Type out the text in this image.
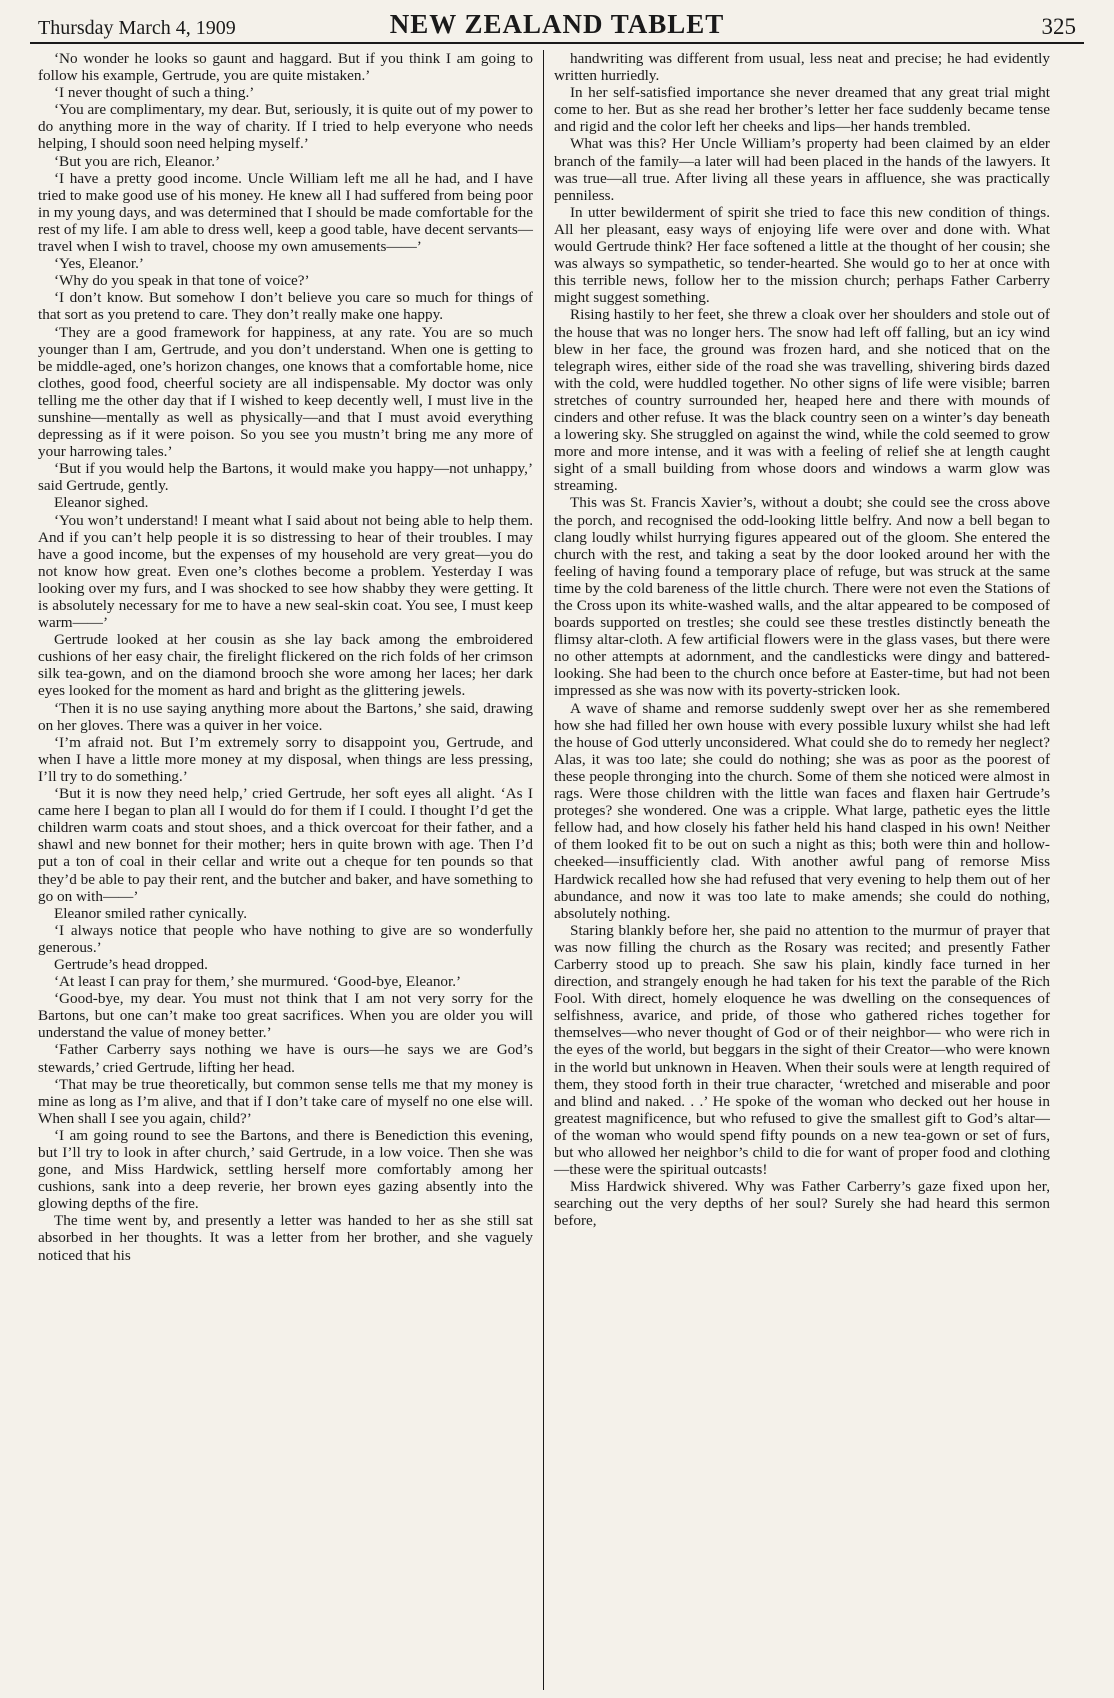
Thursday March 4, 1909	NEW ZEALAND TABLET	325

‘No wonder he looks so gaunt and haggard. But if you think I am going to follow his example, Gertrude, you are quite mistaken.’

‘I never thought of such a thing.’

‘You are complimentary, my dear. But, seriously, it is quite out of my power to do anything more in the way of charity. If I tried to help everyone who needs helping, I should soon need helping myself.’

‘But you are rich, Eleanor.’

‘I have a pretty good income. Uncle William left me all he had, and I have tried to make good use of his money. He knew all I had suffered from being poor in my young days, and was determined that I should be made comfortable for the rest of my life. I am able to dress well, keep a good table, have decent servants—travel when I wish to travel, choose my own amusements——’

‘Yes, Eleanor.’

‘Why do you speak in that tone of voice?’

‘I don’t know. But somehow I don’t believe you care so much for things of that sort as you pretend to care. They don’t really make one happy.

‘They are a good framework for happiness, at any rate. You are so much younger than I am, Gertrude, and you don’t understand. When one is getting to be middle-aged, one’s horizon changes, one knows that a comfortable home, nice clothes, good food, cheerful society are all indispensable. My doctor was only telling me the other day that if I wished to keep decently well, I must live in the sunshine—mentally as well as physically—and that I must avoid everything depressing as if it were poison. So you see you mustn’t bring me any more of your harrowing tales.’

‘But if you would help the Bartons, it would make you happy—not unhappy,’ said Gertrude, gently.

Eleanor sighed.

‘You won’t understand! I meant what I said about not being able to help them. And if you can’t help people it is so distressing to hear of their troubles. I may have a good income, but the expenses of my household are very great—you do not know how great. Even one’s clothes become a problem. Yesterday I was looking over my furs, and I was shocked to see how shabby they were getting. It is absolutely necessary for me to have a new seal-skin coat. You see, I must keep warm——’

Gertrude looked at her cousin as she lay back among the embroidered cushions of her easy chair, the firelight flickered on the rich folds of her crimson silk tea-gown, and on the diamond brooch she wore among her laces; her dark eyes looked for the moment as hard and bright as the glittering jewels.

‘Then it is no use saying anything more about the Bartons,’ she said, drawing on her gloves. There was a quiver in her voice.

‘I’m afraid not. But I’m extremely sorry to disappoint you, Gertrude, and when I have a little more money at my disposal, when things are less pressing, I’ll try to do something.’

‘But it is now they need help,’ cried Gertrude, her soft eyes all alight. ‘As I came here I began to plan all I would do for them if I could. I thought I’d get the children warm coats and stout shoes, and a thick overcoat for their father, and a shawl and new bonnet for their mother; hers in quite brown with age. Then I’d put a ton of coal in their cellar and write out a cheque for ten pounds so that they’d be able to pay their rent, and the butcher and baker, and have something to go on with——’

Eleanor smiled rather cynically.

‘I always notice that people who have nothing to give are so wonderfully generous.’

Gertrude’s head dropped.

‘At least I can pray for them,’ she murmured. ‘Good-bye, Eleanor.’

‘Good-bye, my dear. You must not think that I am not very sorry for the Bartons, but one can’t make too great sacrifices. When you are older you will understand the value of money better.’

‘Father Carberry says nothing we have is ours—he says we are God’s stewards,’ cried Gertrude, lifting her head.

‘That may be true theoretically, but common sense tells me that my money is mine as long as I’m alive, and that if I don’t take care of myself no one else will. When shall I see you again, child?’

‘I am going round to see the Bartons, and there is Benediction this evening, but I’ll try to look in after church,’ said Gertrude, in a low voice. Then she was gone, and Miss Hardwick, settling herself more comfortably among her cushions, sank into a deep reverie, her brown eyes gazing absently into the glowing depths of the fire.

The time went by, and presently a letter was handed to her as she still sat absorbed in her thoughts. It was a letter from her brother, and she vaguely noticed that his

handwriting was different from usual, less neat and precise; he had evidently written hurriedly.

In her self-satisfied importance she never dreamed that any great trial might come to her. But as she read her brother’s letter her face suddenly became tense and rigid and the color left her cheeks and lips—her hands trembled.

What was this? Her Uncle William’s property had been claimed by an elder branch of the family—a later will had been placed in the hands of the lawyers. It was true—all true. After living all these years in affluence, she was practically penniless.

In utter bewilderment of spirit she tried to face this new condition of things. All her pleasant, easy ways of enjoying life were over and done with. What would Gertrude think? Her face softened a little at the thought of her cousin; she was always so sympathetic, so tender-hearted. She would go to her at once with this terrible news, follow her to the mission church; perhaps Father Carberry might suggest something.

Rising hastily to her feet, she threw a cloak over her shoulders and stole out of the house that was no longer hers. The snow had left off falling, but an icy wind blew in her face, the ground was frozen hard, and she noticed that on the telegraph wires, either side of the road she was travelling, shivering birds dazed with the cold, were huddled together. No other signs of life were visible; barren stretches of country surrounded her, heaped here and there with mounds of cinders and other refuse. It was the black country seen on a winter’s day beneath a lowering sky. She struggled on against the wind, while the cold seemed to grow more and more intense, and it was with a feeling of relief she at length caught sight of a small building from whose doors and windows a warm glow was streaming.

This was St. Francis Xavier’s, without a doubt; she could see the cross above the porch, and recognised the odd-looking little belfry. And now a bell began to clang loudly whilst hurrying figures appeared out of the gloom. She entered the church with the rest, and taking a seat by the door looked around her with the feeling of having found a temporary place of refuge, but was struck at the same time by the cold bareness of the little church. There were not even the Stations of the Cross upon its white-washed walls, and the altar appeared to be composed of boards supported on trestles; she could see these trestles distinctly beneath the flimsy altar-cloth. A few artificial flowers were in the glass vases, but there were no other attempts at adornment, and the candlesticks were dingy and battered-looking. She had been to the church once before at Easter-time, but had not been impressed as she was now with its poverty-stricken look.

A wave of shame and remorse suddenly swept over her as she remembered how she had filled her own house with every possible luxury whilst she had left the house of God utterly unconsidered. What could she do to remedy her neglect? Alas, it was too late; she could do nothing; she was as poor as the poorest of these people thronging into the church. Some of them she noticed were almost in rags. Were those children with the little wan faces and flaxen hair Gertrude’s proteges? she wondered. One was a cripple. What large, pathetic eyes the little fellow had, and how closely his father held his hand clasped in his own! Neither of them looked fit to be out on such a night as this; both were thin and hollow-cheeked—insufficiently clad. With another awful pang of remorse Miss Hardwick recalled how she had refused that very evening to help them out of her abundance, and now it was too late to make amends; she could do nothing, absolutely nothing.

Staring blankly before her, she paid no attention to the murmur of prayer that was now filling the church as the Rosary was recited; and presently Father Carberry stood up to preach. She saw his plain, kindly face turned in her direction, and strangely enough he had taken for his text the parable of the Rich Fool. With direct, homely eloquence he was dwelling on the consequences of selfishness, avarice, and pride, of those who gathered riches together for themselves—who never thought of God or of their neighbor— who were rich in the eyes of the world, but beggars in the sight of their Creator—who were known in the world but unknown in Heaven. When their souls were at length required of them, they stood forth in their true character, ‘wretched and miserable and poor and blind and naked. . .’ He spoke of the woman who decked out her house in greatest magnificence, but who refused to give the smallest gift to God’s altar—of the woman who would spend fifty pounds on a new tea-gown or set of furs, but who allowed her neighbor’s child to die for want of proper food and clothing—these were the spiritual outcasts!

Miss Hardwick shivered. Why was Father Carberry’s gaze fixed upon her, searching out the very depths of her soul? Surely she had heard this sermon before,
